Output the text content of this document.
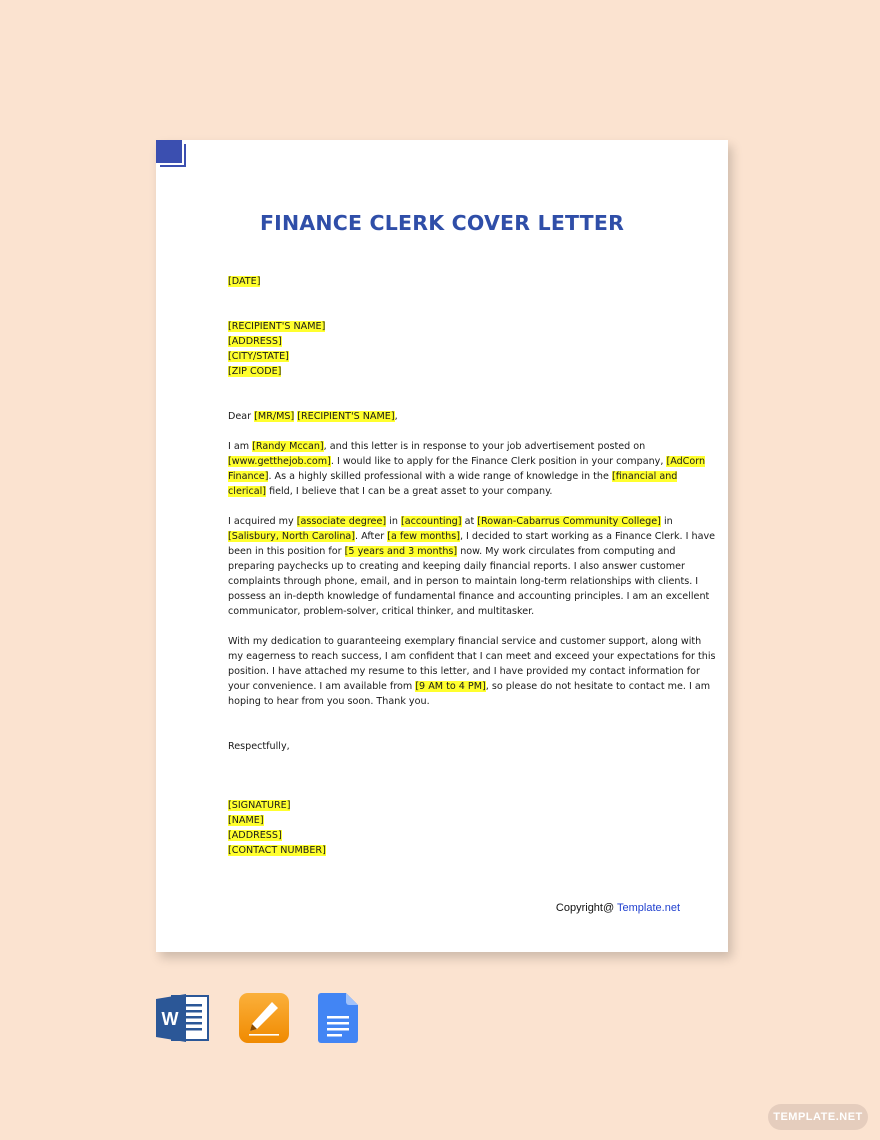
FINANCE CLERK COVER LETTER
[DATE]
[RECIPIENT'S NAME]
[ADDRESS]
[CITY/STATE]
[ZIP CODE]
Dear [MR/MS] [RECIPIENT'S NAME],
I am [Randy Mccan], and this letter is in response to your job advertisement posted on
[www.getthejob.com]. I would like to apply for the Finance Clerk position in your company, [AdCorn
Finance]. As a highly skilled professional with a wide range of knowledge in the [financial and
clerical] field, I believe that I can be a great asset to your company.
I acquired my [associate degree] in [accounting] at [Rowan-Cabarrus Community College] in
[Salisbury, North Carolina]. After [a few months], I decided to start working as a Finance Clerk. I have
been in this position for [5 years and 3 months] now. My work circulates from computing and
preparing paychecks up to creating and keeping daily financial reports. I also answer customer
complaints through phone, email, and in person to maintain long-term relationships with clients. I
possess an in-depth knowledge of fundamental finance and accounting principles. I am an excellent
communicator, problem-solver, critical thinker, and multitasker.
With my dedication to guaranteeing exemplary financial service and customer support, along with
my eagerness to reach success, I am confident that I can meet and exceed your expectations for this
position. I have attached my resume to this letter, and I have provided my contact information for
your convenience. I am available from [9 AM to 4 PM], so please do not hesitate to contact me. I am
hoping to hear from you soon. Thank you.
Respectfully,
[SIGNATURE]
[NAME]
[ADDRESS]
[CONTACT NUMBER]
Copyright@ Template.net
W
TEMPLATE.NET
